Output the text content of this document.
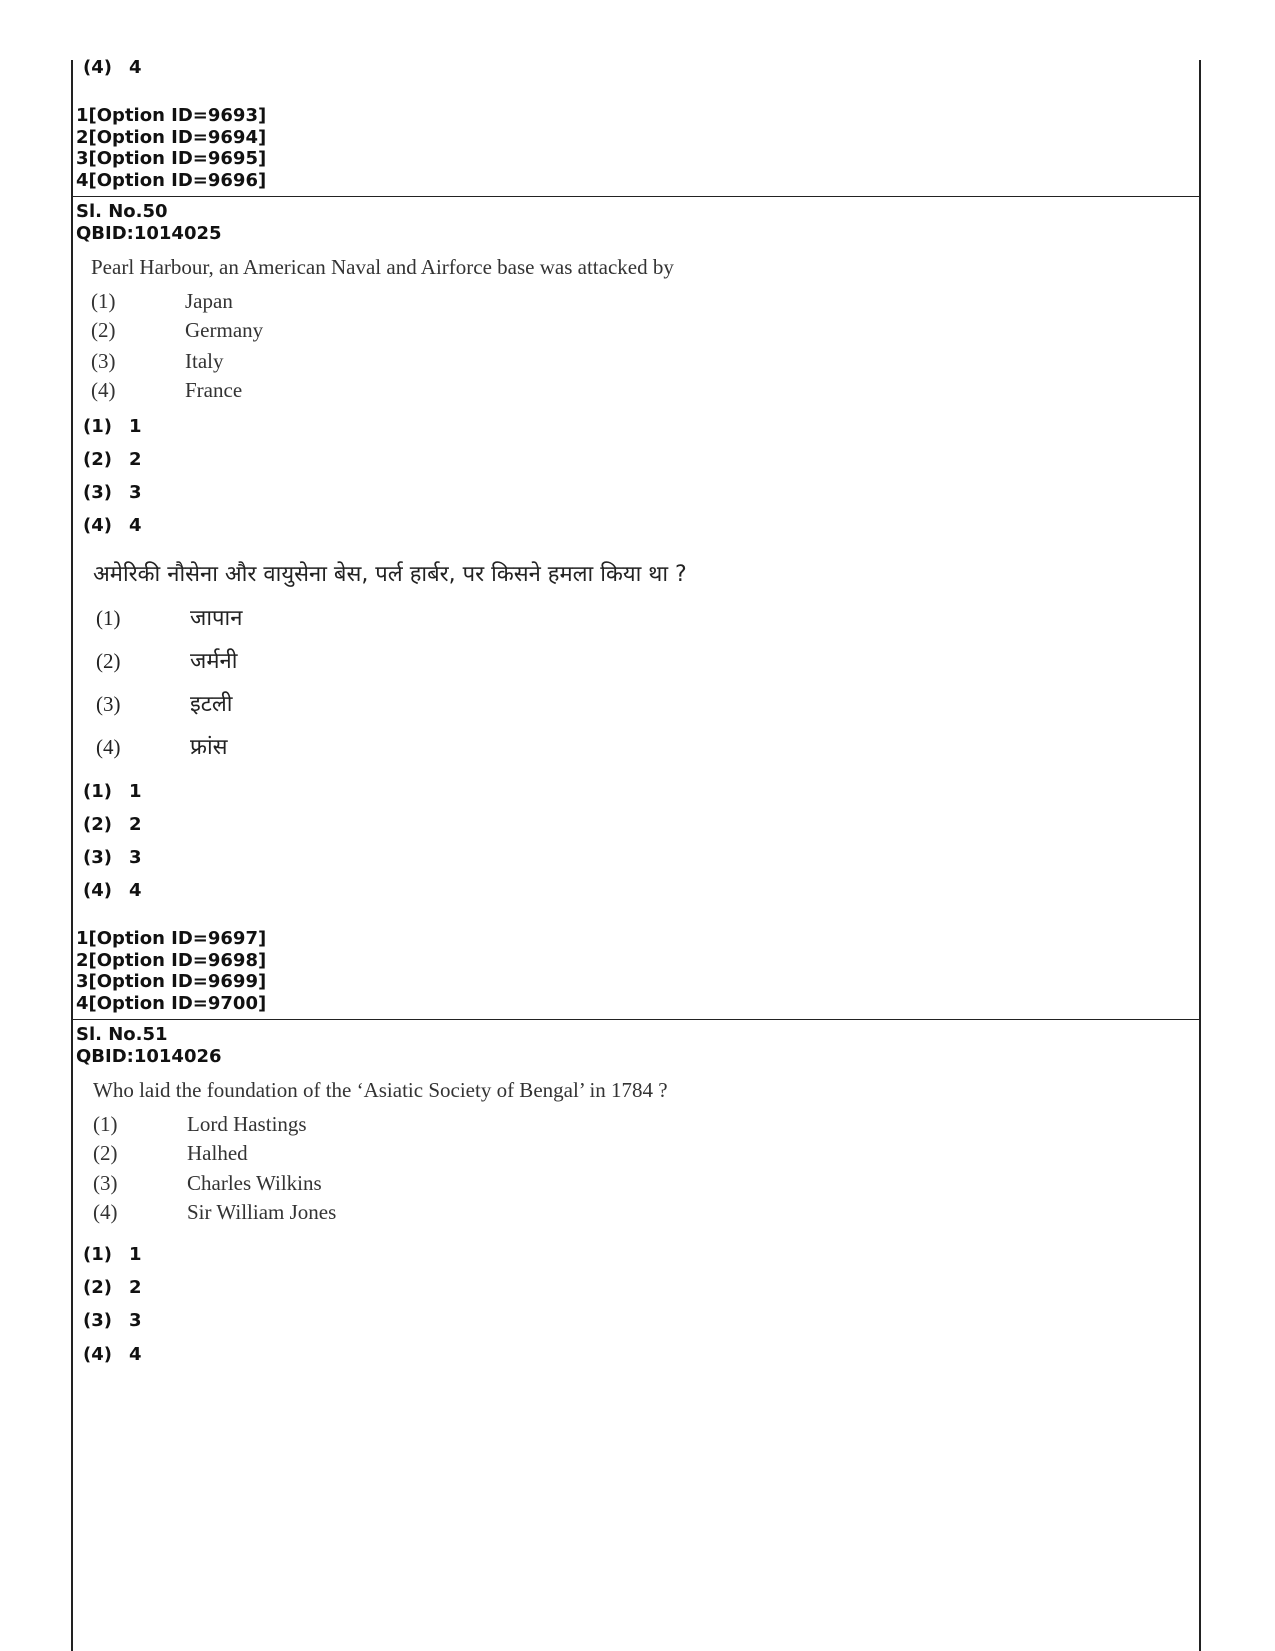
(4) 4
1[Option ID=9693]
2[Option ID=9694]
3[Option ID=9695]
4[Option ID=9696]
Sl. No.50
QBID:1014025
Pearl Harbour, an American Naval and Airforce base was attacked by
(1)	Japan
(2)	Germany
(3)	Italy
(4)	France
(1) 1
(2) 2
(3) 3
(4) 4
अमेरिकी नौसेना और वायुसेना बेस, पर्ल हार्बर, पर किसने हमला किया था ?
(1)	जापान
(2)	जर्मनी
(3)	इटली
(4)	फ्रांस
(1) 1
(2) 2
(3) 3
(4) 4
1[Option ID=9697]
2[Option ID=9698]
3[Option ID=9699]
4[Option ID=9700]
Sl. No.51
QBID:1014026
Who laid the foundation of the ‘Asiatic Society of Bengal’ in 1784 ?
(1)	Lord Hastings
(2)	Halhed
(3)	Charles Wilkins
(4)	Sir William Jones
(1) 1
(2) 2
(3) 3
(4) 4
